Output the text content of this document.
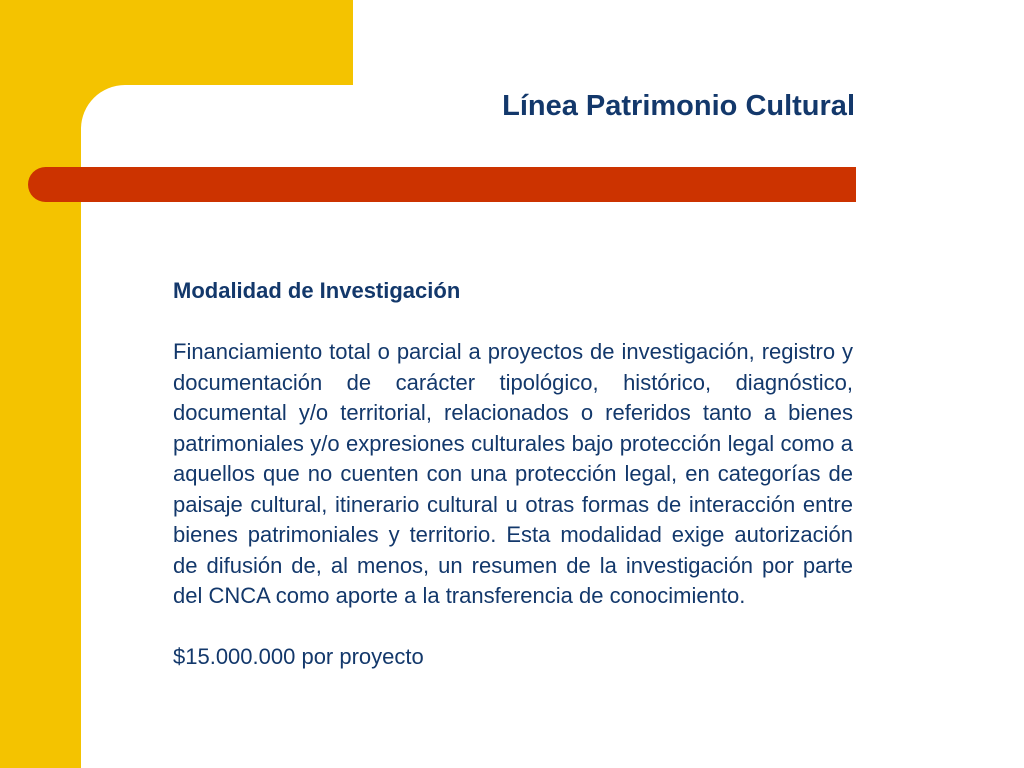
Línea Patrimonio Cultural

Modalidad de Investigación

Financiamiento total o parcial a proyectos de investigación, registro y documentación de carácter tipológico, histórico, diagnóstico, documental y/o territorial, relacionados o referidos tanto a bienes patrimoniales y/o expresiones culturales bajo protección legal como a aquellos que no cuenten con una protección legal, en categorías de paisaje cultural, itinerario cultural u otras formas de interacción entre bienes patrimoniales y territorio. Esta modalidad exige autorización de difusión de, al menos, un resumen de la investigación por parte del CNCA como aporte a la transferencia de conocimiento.

$15.000.000 por proyecto
